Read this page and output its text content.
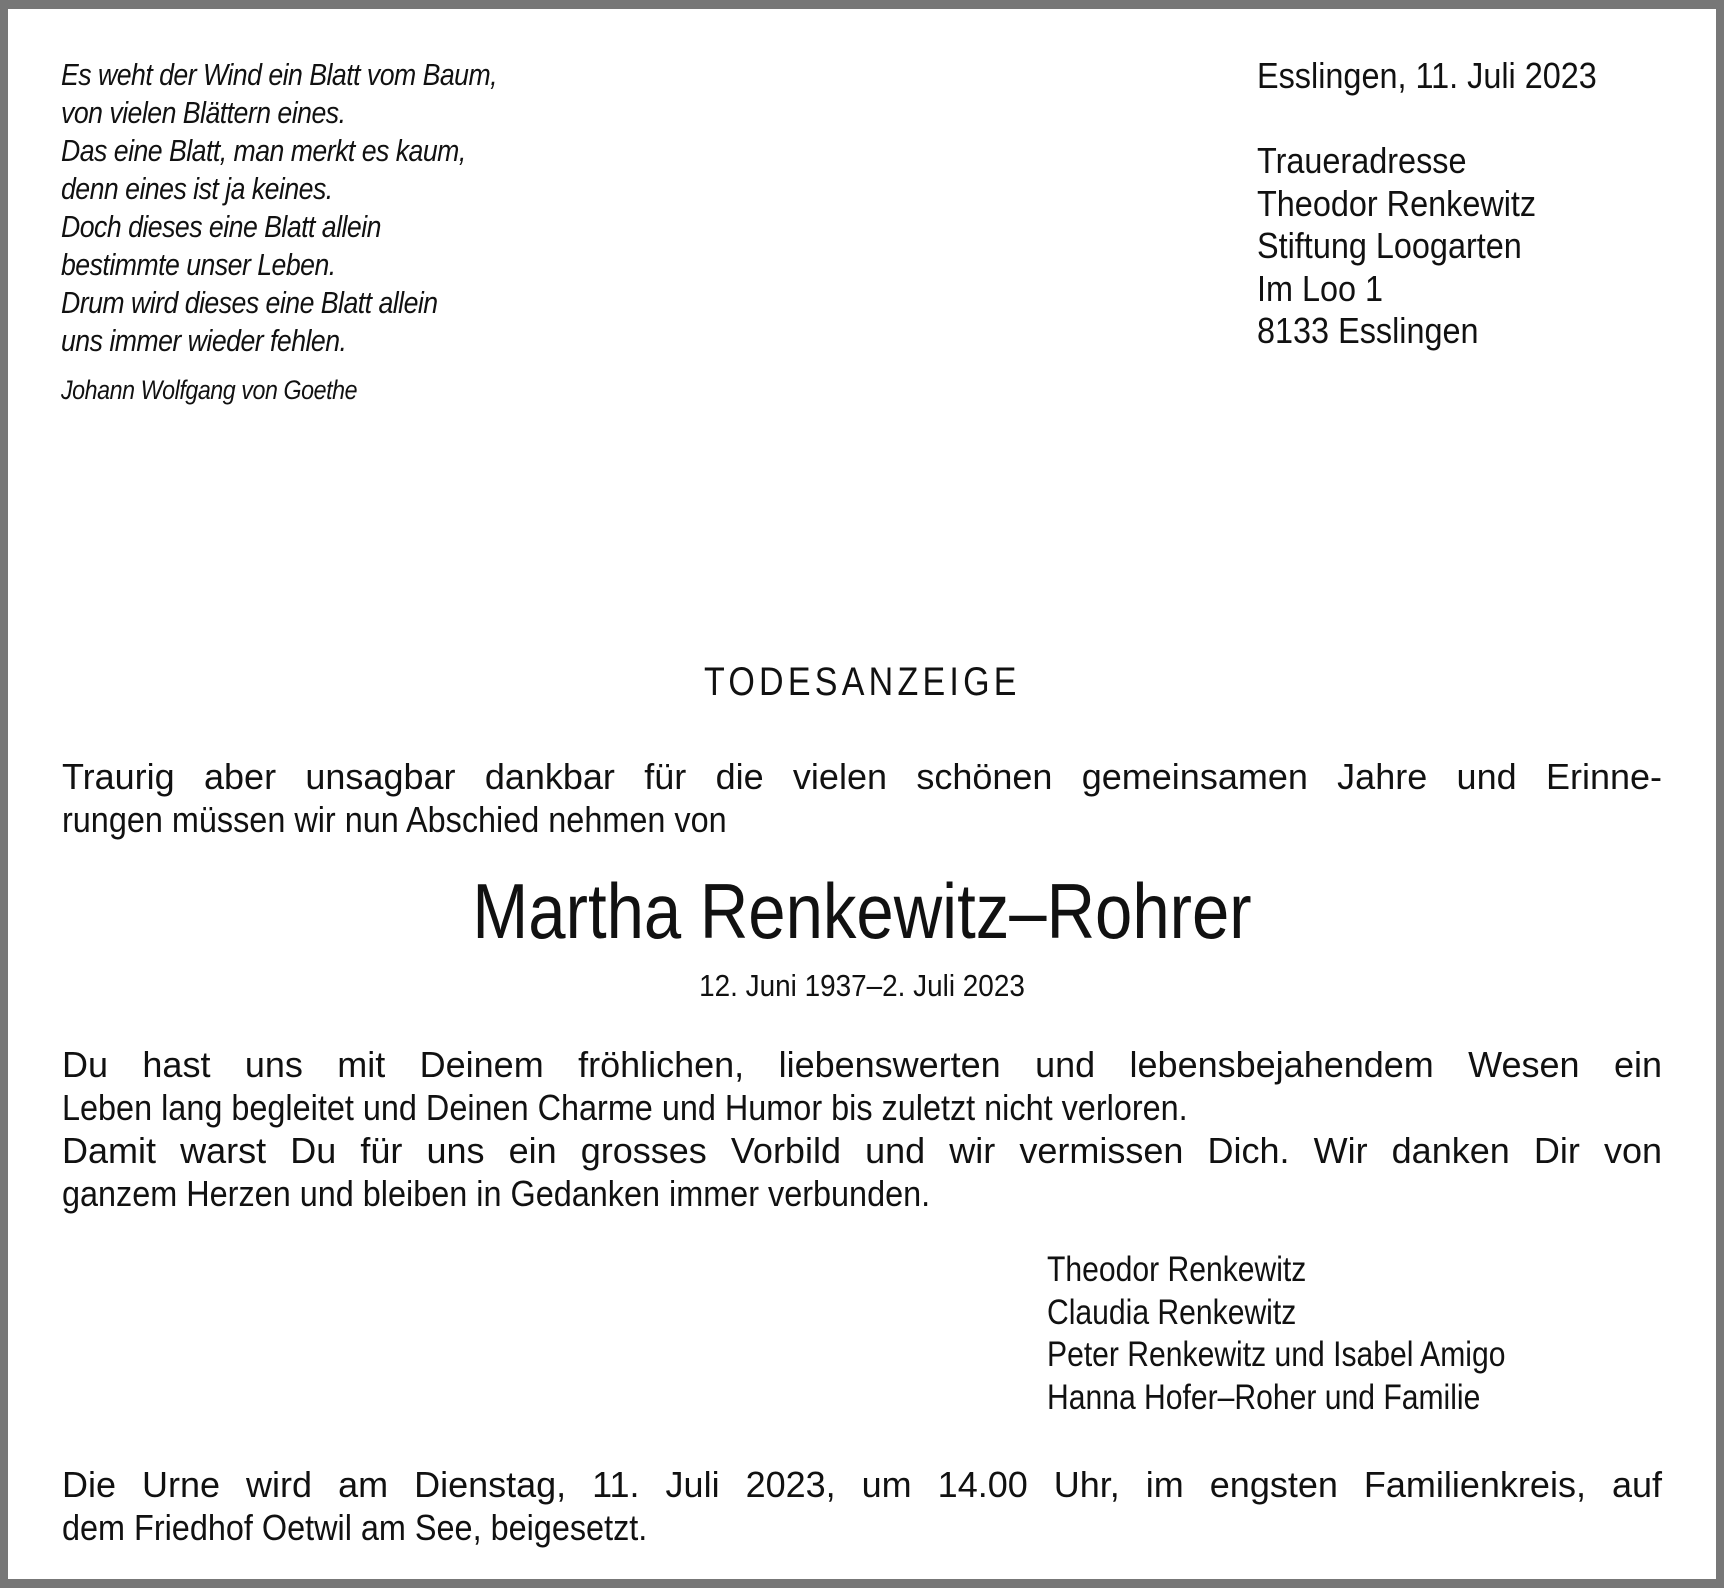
Es weht der Wind ein Blatt vom Baum,
von vielen Blättern eines.
Das eine Blatt, man merkt es kaum,
denn eines ist ja keines.
Doch dieses eine Blatt allein
bestimmte unser Leben.
Drum wird dieses eine Blatt allein
uns immer wieder fehlen.
Johann Wolfgang von Goethe
Esslingen, 11. Juli 2023
Traueradresse
Theodor Renkewitz
Stiftung Loogarten
Im Loo 1
8133 Esslingen
TODESANZEIGE
Traurig aber unsagbar dankbar für die vielen schönen gemeinsamen Jahre und Erinne-
rungen müssen wir nun Abschied nehmen von
Martha Renkewitz–Rohrer
12. Juni 1937–2. Juli 2023
Du hast uns mit Deinem fröhlichen, liebenswerten und lebensbejahendem Wesen ein
Leben lang begleitet und Deinen Charme und Humor bis zuletzt nicht verloren.
Damit warst Du für uns ein grosses Vorbild und wir vermissen Dich. Wir danken Dir von
ganzem Herzen und bleiben in Gedanken immer verbunden.
Theodor Renkewitz
Claudia Renkewitz
Peter Renkewitz und Isabel Amigo
Hanna Hofer–Roher und Familie
Die Urne wird am Dienstag, 11. Juli 2023, um 14.00 Uhr, im engsten Familienkreis, auf
dem Friedhof Oetwil am See, beigesetzt.
